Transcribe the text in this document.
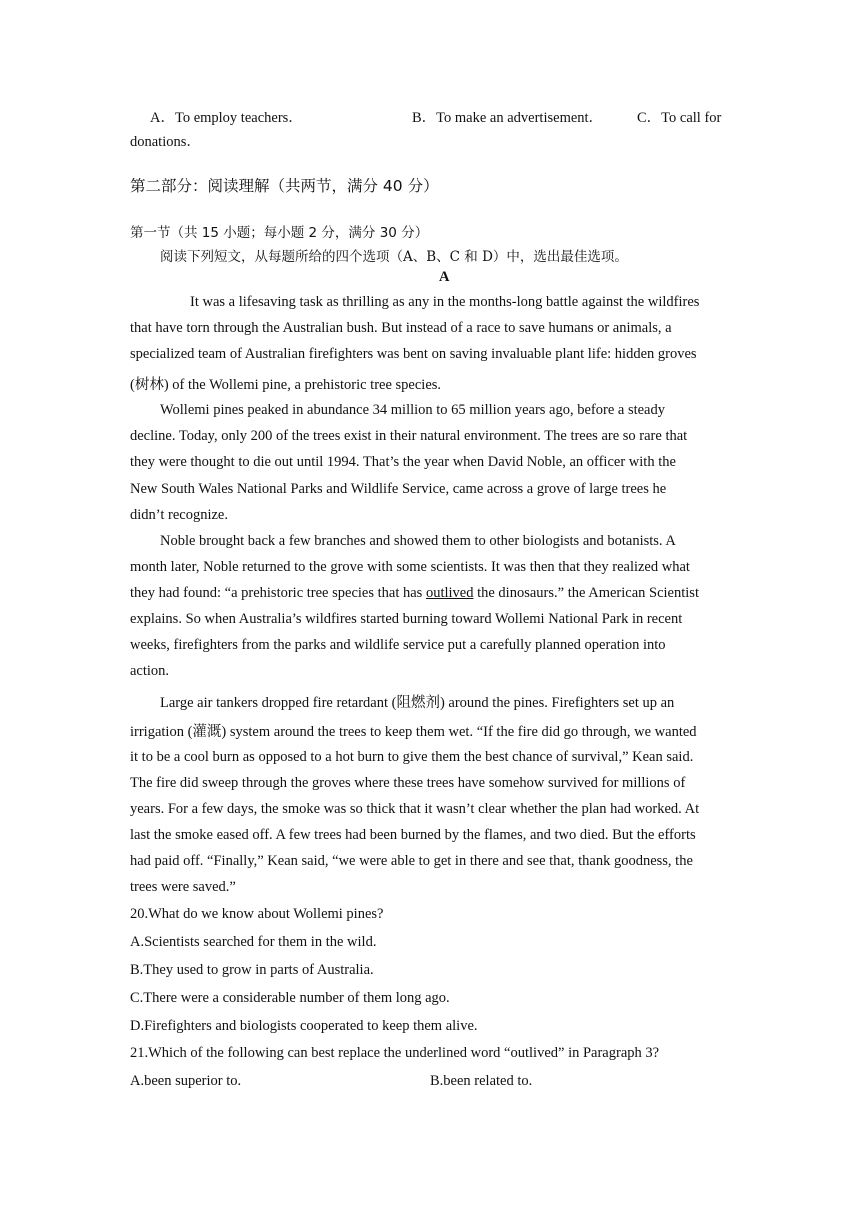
A．To employ teachers．	B．To make an advertisement． C．To call for
donations．
第二部分：阅读理解（共两节，满分 40 分）
第一节（共 15 小题；每小题 2 分，满分 30 分）
阅读下列短文，从每题所给的四个选项（A、B、C 和 D）中，选出最佳选项。
A
It was a lifesaving task as thrilling as any in the months-long battle against the wildfires
that have torn through the Australian bush. But instead of a race to save humans or animals, a
specialized team of Australian firefighters was bent on saving invaluable plant life: hidden groves
(树林) of the Wollemi pine, a prehistoric tree species.
Wollemi pines peaked in abundance 34 million to 65 million years ago, before a steady
decline. Today, only 200 of the trees exist in their natural environment. The trees are so rare that
they were thought to die out until 1994. That’s the year when David Noble, an officer with the
New South Wales National Parks and Wildlife Service, came across a grove of large trees he
didn’t recognize.
Noble brought back a few branches and showed them to other biologists and botanists. A
month later, Noble returned to the grove with some scientists. It was then that they realized what
they had found: “a prehistoric tree species that has outlived the dinosaurs.” the American Scientist
explains. So when Australia’s wildfires started burning toward Wollemi National Park in recent
weeks, firefighters from the parks and wildlife service put a carefully planned operation into
action.
Large air tankers dropped fire retardant (阻燃剂) around the pines. Firefighters set up an
irrigation (灌溉) system around the trees to keep them wet. “If the fire did go through, we wanted
it to be a cool burn as opposed to a hot burn to give them the best chance of survival,” Kean said.
The fire did sweep through the groves where these trees have somehow survived for millions of
years. For a few days, the smoke was so thick that it wasn’t clear whether the plan had worked. At
last the smoke eased off. A few trees had been burned by the flames, and two died. But the efforts
had paid off. “Finally,” Kean said, “we were able to get in there and see that, thank goodness, the
trees were saved.”
20.What do we know about Wollemi pines?
A.Scientists searched for them in the wild.
B.They used to grow in parts of Australia.
C.There were a considerable number of them long ago.
D.Firefighters and biologists cooperated to keep them alive.
21.Which of the following can best replace the underlined word “outlived” in Paragraph 3?
A.been superior to.	B.been related to.
